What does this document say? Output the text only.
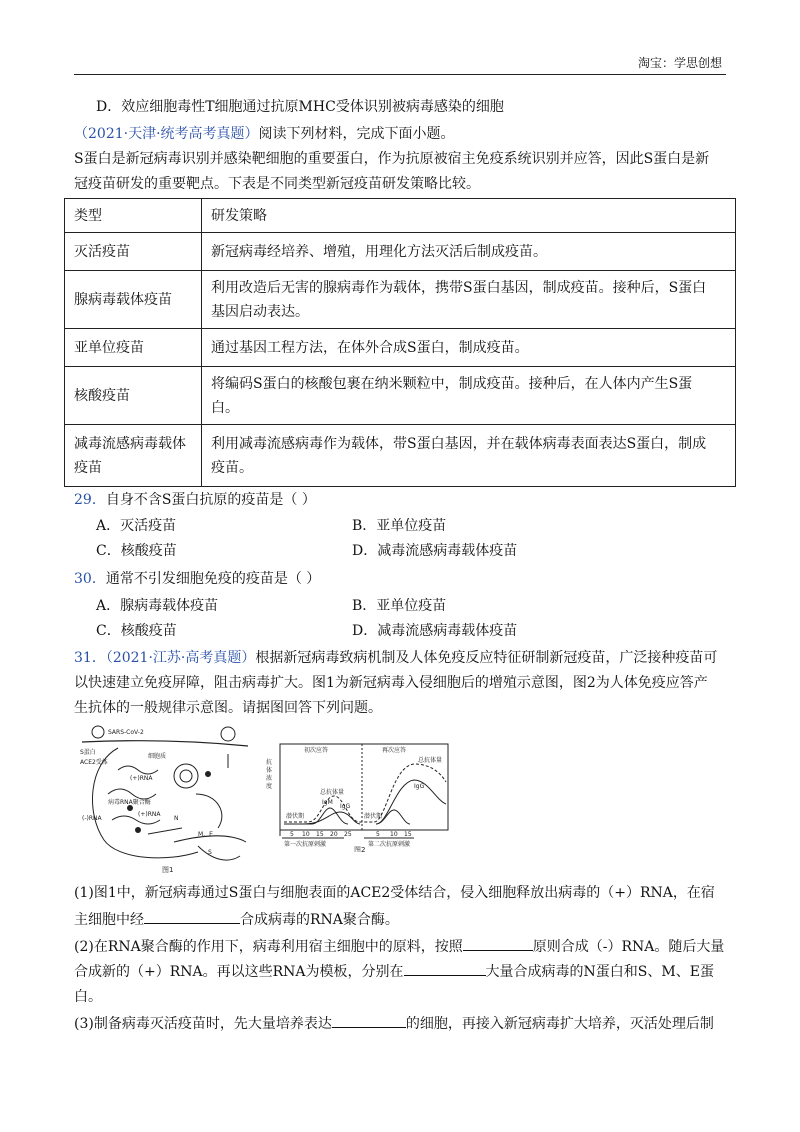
淘宝：学思创想
D．效应细胞毒性T细胞通过抗原MHC受体识别被病毒感染的细胞
（2021·天津·统考高考真题）阅读下列材料，完成下面小题。
S蛋白是新冠病毒识别并感染靶细胞的重要蛋白，作为抗原被宿主免疫系统识别并应答，因此S蛋白是新
冠疫苗研发的重要靶点。下表是不同类型新冠疫苗研发策略比较。
类型	研发策略
灭活疫苗	新冠病毒经培养、增殖，用理化方法灭活后制成疫苗。
腺病毒载体疫苗	利用改造后无害的腺病毒作为载体，携带S蛋白基因，制成疫苗。接种后，S蛋白
基因启动表达。
亚单位疫苗	通过基因工程方法，在体外合成S蛋白，制成疫苗。
核酸疫苗	将编码S蛋白的核酸包裹在纳米颗粒中，制成疫苗。接种后，在人体内产生S蛋
白。
减毒流感病毒载体
疫苗	利用减毒流感病毒作为载体，带S蛋白基因，并在载体病毒表面表达S蛋白，制成
疫苗。
29．自身不含S蛋白抗原的疫苗是（ ）
A．灭活疫苗	B．亚单位疫苗
C．核酸疫苗	D．减毒流感病毒载体疫苗
30．通常不引发细胞免疫的疫苗是（ ）
A．腺病毒载体疫苗	B．亚单位疫苗
C．核酸疫苗	D．减毒流感病毒载体疫苗
31．（2021·江苏·高考真题）根据新冠病毒致病机制及人体免疫反应特征研制新冠疫苗，广泛接种疫苗可
以快速建立免疫屏障，阻击病毒扩大。图1为新冠病毒入侵细胞后的增殖示意图，图2为人体免疫应答产
生抗体的一般规律示意图。请据图回答下列问题。
SARS-CoV-2
S蛋白
ACE2受体
细胞质
(+)RNA
病毒RNA聚合酶
(-)RNA
(+)RNA
N
M、E
S
图1
抗
体
浓
度
初次应答	再次应答
总抗体量
总抗体量
潜伏期	潜伏期
IgM
IgG
IgG
5 10 15 20 25	5 10 15
第一次抗原刺激	第二次抗原刺激
图2
(1)图1中，新冠病毒通过S蛋白与细胞表面的ACE2受体结合，侵入细胞释放出病毒的（+）RNA，在宿
主细胞中经	合成病毒的RNA聚合酶。
(2)在RNA聚合酶的作用下，病毒利用宿主细胞中的原料，按照	原则合成（-）RNA。随后大量
合成新的（+）RNA。再以这些RNA为模板，分别在	大量合成病毒的N蛋白和S、M、E蛋
白。
(3)制备病毒灭活疫苗时，先大量培养表达	的细胞，再接入新冠病毒扩大培养，灭活处理后制
